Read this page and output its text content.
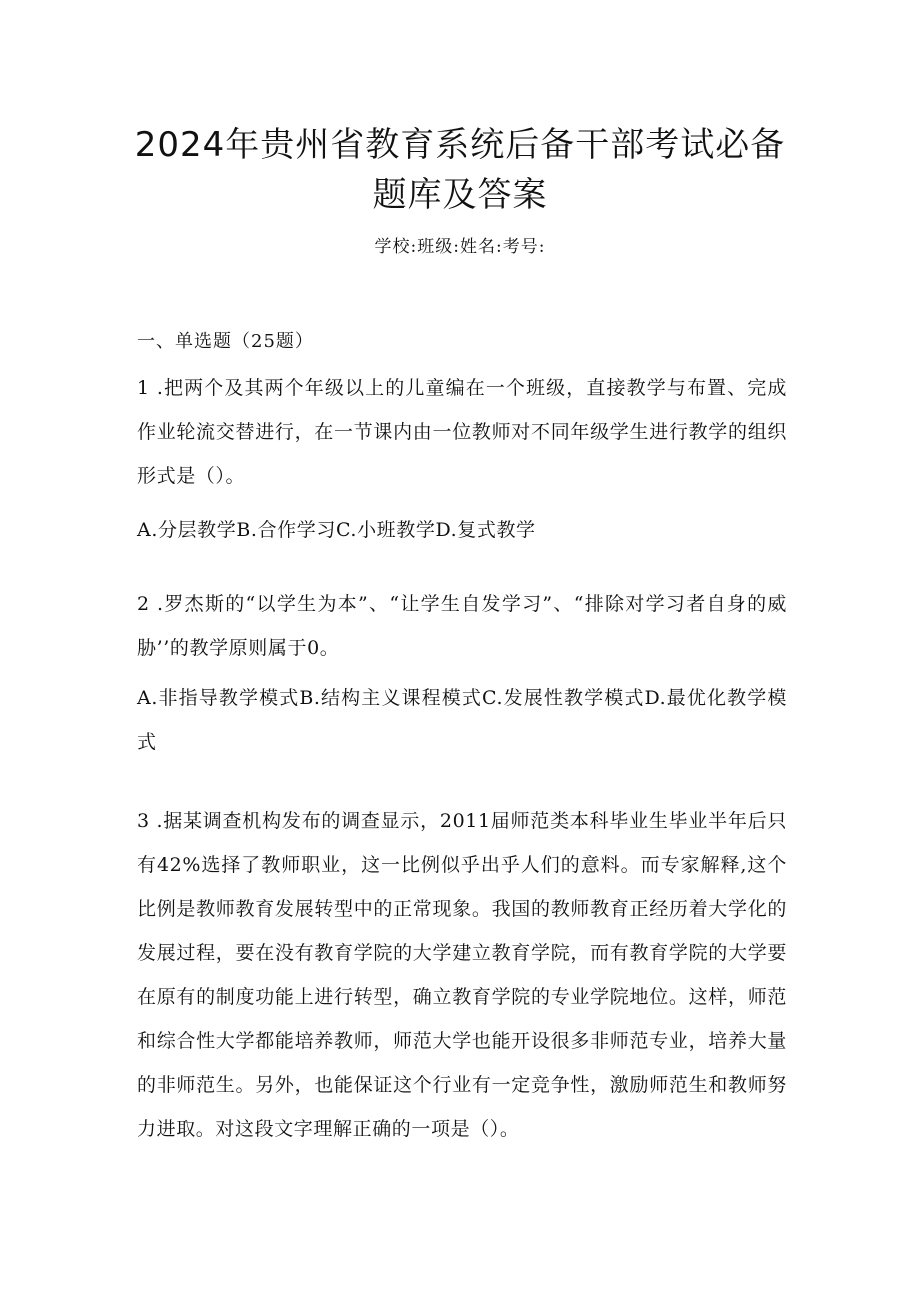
2024年贵州省教育系统后备干部考试必备
题库及答案
学校:班级:姓名:考号:
一、单选题（25题）
1 .把两个及其两个年级以上的儿童编在一个班级，直接教学与布置、完成作业轮流交替进行，在一节课内由一位教师对不同年级学生进行教学的组织形式是（）。
A.分层教学B.合作学习C.小班教学D.复式教学
2 .罗杰斯的“以学生为本”、“让学生自发学习”、“排除对学习者自身的威胁’’的教学原则属于0。
A.非指导教学模式B.结构主义课程模式C.发展性教学模式D.最优化教学模式
3 .据某调查机构发布的调查显示，2011届师范类本科毕业生毕业半年后只有42%选择了教师职业，这一比例似乎出乎人们的意料。而专家解释,这个比例是教师教育发展转型中的正常现象。我国的教师教育正经历着大学化的发展过程，要在没有教育学院的大学建立教育学院，而有教育学院的大学要在原有的制度功能上进行转型，确立教育学院的专业学院地位。这样，师范和综合性大学都能培养教师，师范大学也能开设很多非师范专业，培养大量的非师范生。另外，也能保证这个行业有一定竞争性，激励师范生和教师努力进取。对这段文字理解正确的一项是（）。
